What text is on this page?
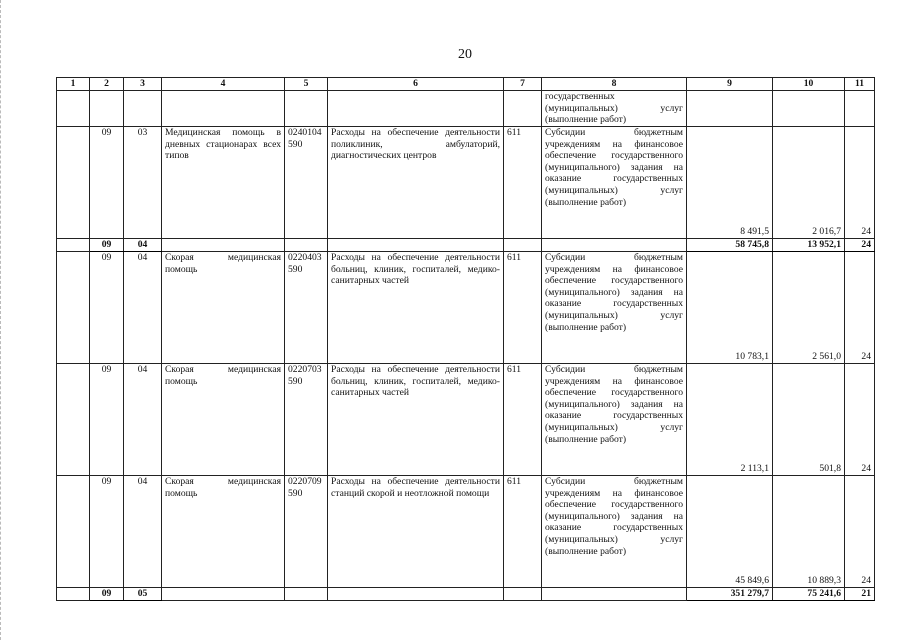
20
1	2	3	4	5	6	7	8	9	10	11
							государственных (муниципальных) услуг (выполнение работ)			
	09	03	Медицинская помощь в дневных стационарах всех типов	0240104590	Расходы на обеспечение деятельности поликлиник, амбулаторий, диагностических центров	611	Субсидии бюджетным учреждениям на финансовое обеспечение государственного (муниципального) задания на оказание государственных (муниципальных) услуг (выполнение работ)	8 491,5	2 016,7	24
	09	04						58 745,8	13 952,1	24
	09	04	Скорая медицинская помощь	0220403590	Расходы на обеспечение деятельности больниц, клиник, госпиталей, медико-санитарных частей	611	Субсидии бюджетным учреждениям на финансовое обеспечение государственного (муниципального) задания на оказание государственных (муниципальных) услуг (выполнение работ)	10 783,1	2 561,0	24
	09	04	Скорая медицинская помощь	0220703590	Расходы на обеспечение деятельности больниц, клиник, госпиталей, медико-санитарных частей	611	Субсидии бюджетным учреждениям на финансовое обеспечение государственного (муниципального) задания на оказание государственных (муниципальных) услуг (выполнение работ)	2 113,1	501,8	24
	09	04	Скорая медицинская помощь	0220709590	Расходы на обеспечение деятельности станций скорой и неотложной помощи	611	Субсидии бюджетным учреждениям на финансовое обеспечение государственного (муниципального) задания на оказание государственных (муниципальных) услуг (выполнение работ)	45 849,6	10 889,3	24
	09	05						351 279,7	75 241,6	21
